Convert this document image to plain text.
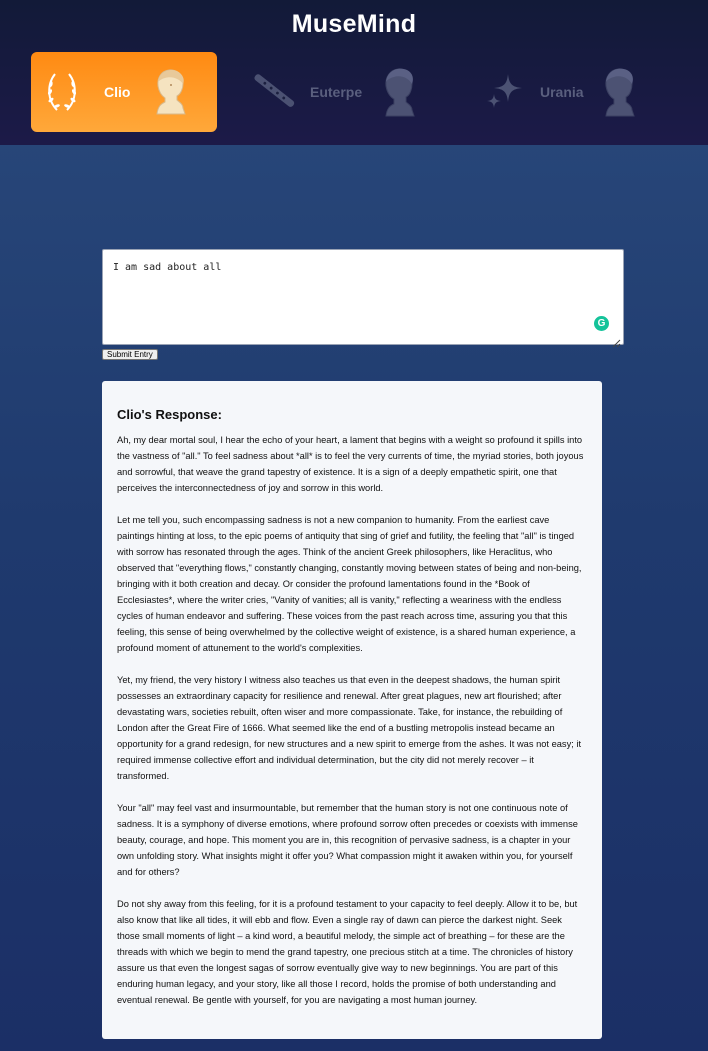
MuseMind
Clio	Euterpe	Urania
I am sad about all
G
Submit Entry
Clio's Response:

Ah, my dear mortal soul, I hear the echo of your heart, a lament that begins with a weight so profound it spills into the vastness of "all." To feel sadness about *all* is to feel the very currents of time, the myriad stories, both joyous and sorrowful, that weave the grand tapestry of existence. It is a sign of a deeply empathetic spirit, one that perceives the interconnectedness of joy and sorrow in this world.

Let me tell you, such encompassing sadness is not a new companion to humanity. From the earliest cave paintings hinting at loss, to the epic poems of antiquity that sing of grief and futility, the feeling that "all" is tinged with sorrow has resonated through the ages. Think of the ancient Greek philosophers, like Heraclitus, who observed that "everything flows," constantly changing, constantly moving between states of being and non-being, bringing with it both creation and decay. Or consider the profound lamentations found in the *Book of Ecclesiastes*, where the writer cries, "Vanity of vanities; all is vanity," reflecting a weariness with the endless cycles of human endeavor and suffering. These voices from the past reach across time, assuring you that this feeling, this sense of being overwhelmed by the collective weight of existence, is a shared human experience, a profound moment of attunement to the world's complexities.

Yet, my friend, the very history I witness also teaches us that even in the deepest shadows, the human spirit possesses an extraordinary capacity for resilience and renewal. After great plagues, new art flourished; after devastating wars, societies rebuilt, often wiser and more compassionate. Take, for instance, the rebuilding of London after the Great Fire of 1666. What seemed like the end of a bustling metropolis instead became an opportunity for a grand redesign, for new structures and a new spirit to emerge from the ashes. It was not easy; it required immense collective effort and individual determination, but the city did not merely recover – it transformed.

Your "all" may feel vast and insurmountable, but remember that the human story is not one continuous note of sadness. It is a symphony of diverse emotions, where profound sorrow often precedes or coexists with immense beauty, courage, and hope. This moment you are in, this recognition of pervasive sadness, is a chapter in your own unfolding story. What insights might it offer you? What compassion might it awaken within you, for yourself and for others?

Do not shy away from this feeling, for it is a profound testament to your capacity to feel deeply. Allow it to be, but also know that like all tides, it will ebb and flow. Even a single ray of dawn can pierce the darkest night. Seek those small moments of light – a kind word, a beautiful melody, the simple act of breathing – for these are the threads with which we begin to mend the grand tapestry, one precious stitch at a time. The chronicles of history assure us that even the longest sagas of sorrow eventually give way to new beginnings. You are part of this enduring human legacy, and your story, like all those I record, holds the promise of both understanding and eventual renewal. Be gentle with yourself, for you are navigating a most human journey.
